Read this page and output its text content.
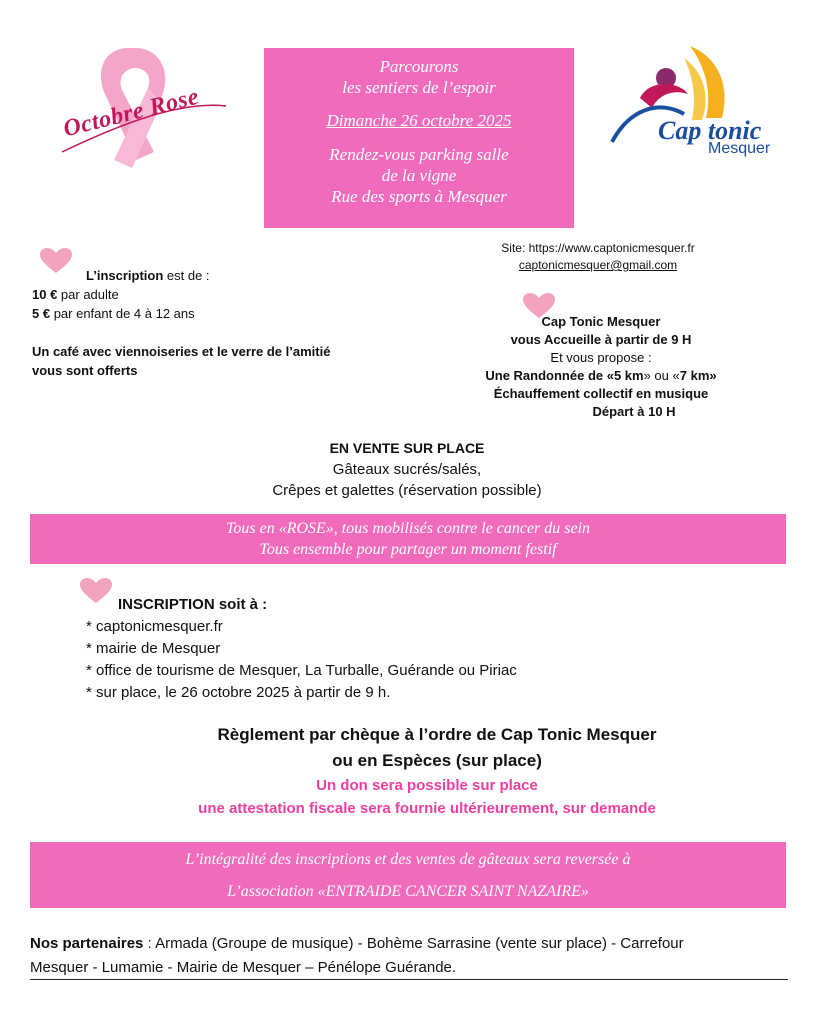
Octobre Rose
Parcourons
les sentiers de l’espoir
Dimanche 26 octobre 2025
Rendez-vous parking salle
de la vigne
Rue des sports à Mesquer
Cap tonic
Mesquer
L’inscription est de :
10 € par adulte
5 € par enfant de 4 à 12 ans
Un café avec viennoiseries et le verre de l’amitié
vous sont offerts
Site: https://www.captonicmesquer.fr
captonicmesquer@gmail.com
Cap Tonic Mesquer
vous Accueille à partir de 9 H
Et vous propose :
Une Randonnée de «5 km» ou «7 km»
Échauffement collectif en musique
Départ à 10 H
EN VENTE SUR PLACE
Gâteaux sucrés/salés,
Crêpes et galettes (réservation possible)
Tous en «ROSE», tous mobilisés contre le cancer du sein
Tous ensemble pour partager un moment festif
INSCRIPTION soit à :
* captonicmesquer.fr
* mairie de Mesquer
* office de tourisme de Mesquer, La Turballe, Guérande ou Piriac
* sur place, le 26 octobre 2025 à partir de 9 h.
Règlement par chèque à l’ordre de Cap Tonic Mesquer
ou en Espèces (sur place)
Un don sera possible sur place
une attestation fiscale sera fournie ultérieurement, sur demande
L’intégralité des inscriptions et des ventes de gâteaux sera reversée à
L’association «ENTRAIDE CANCER SAINT NAZAIRE»
Nos partenaires : Armada (Groupe de musique) - Bohème Sarrasine (vente sur place) - Carrefour
Mesquer - Lumamie - Mairie de Mesquer – Pénélope Guérande.
